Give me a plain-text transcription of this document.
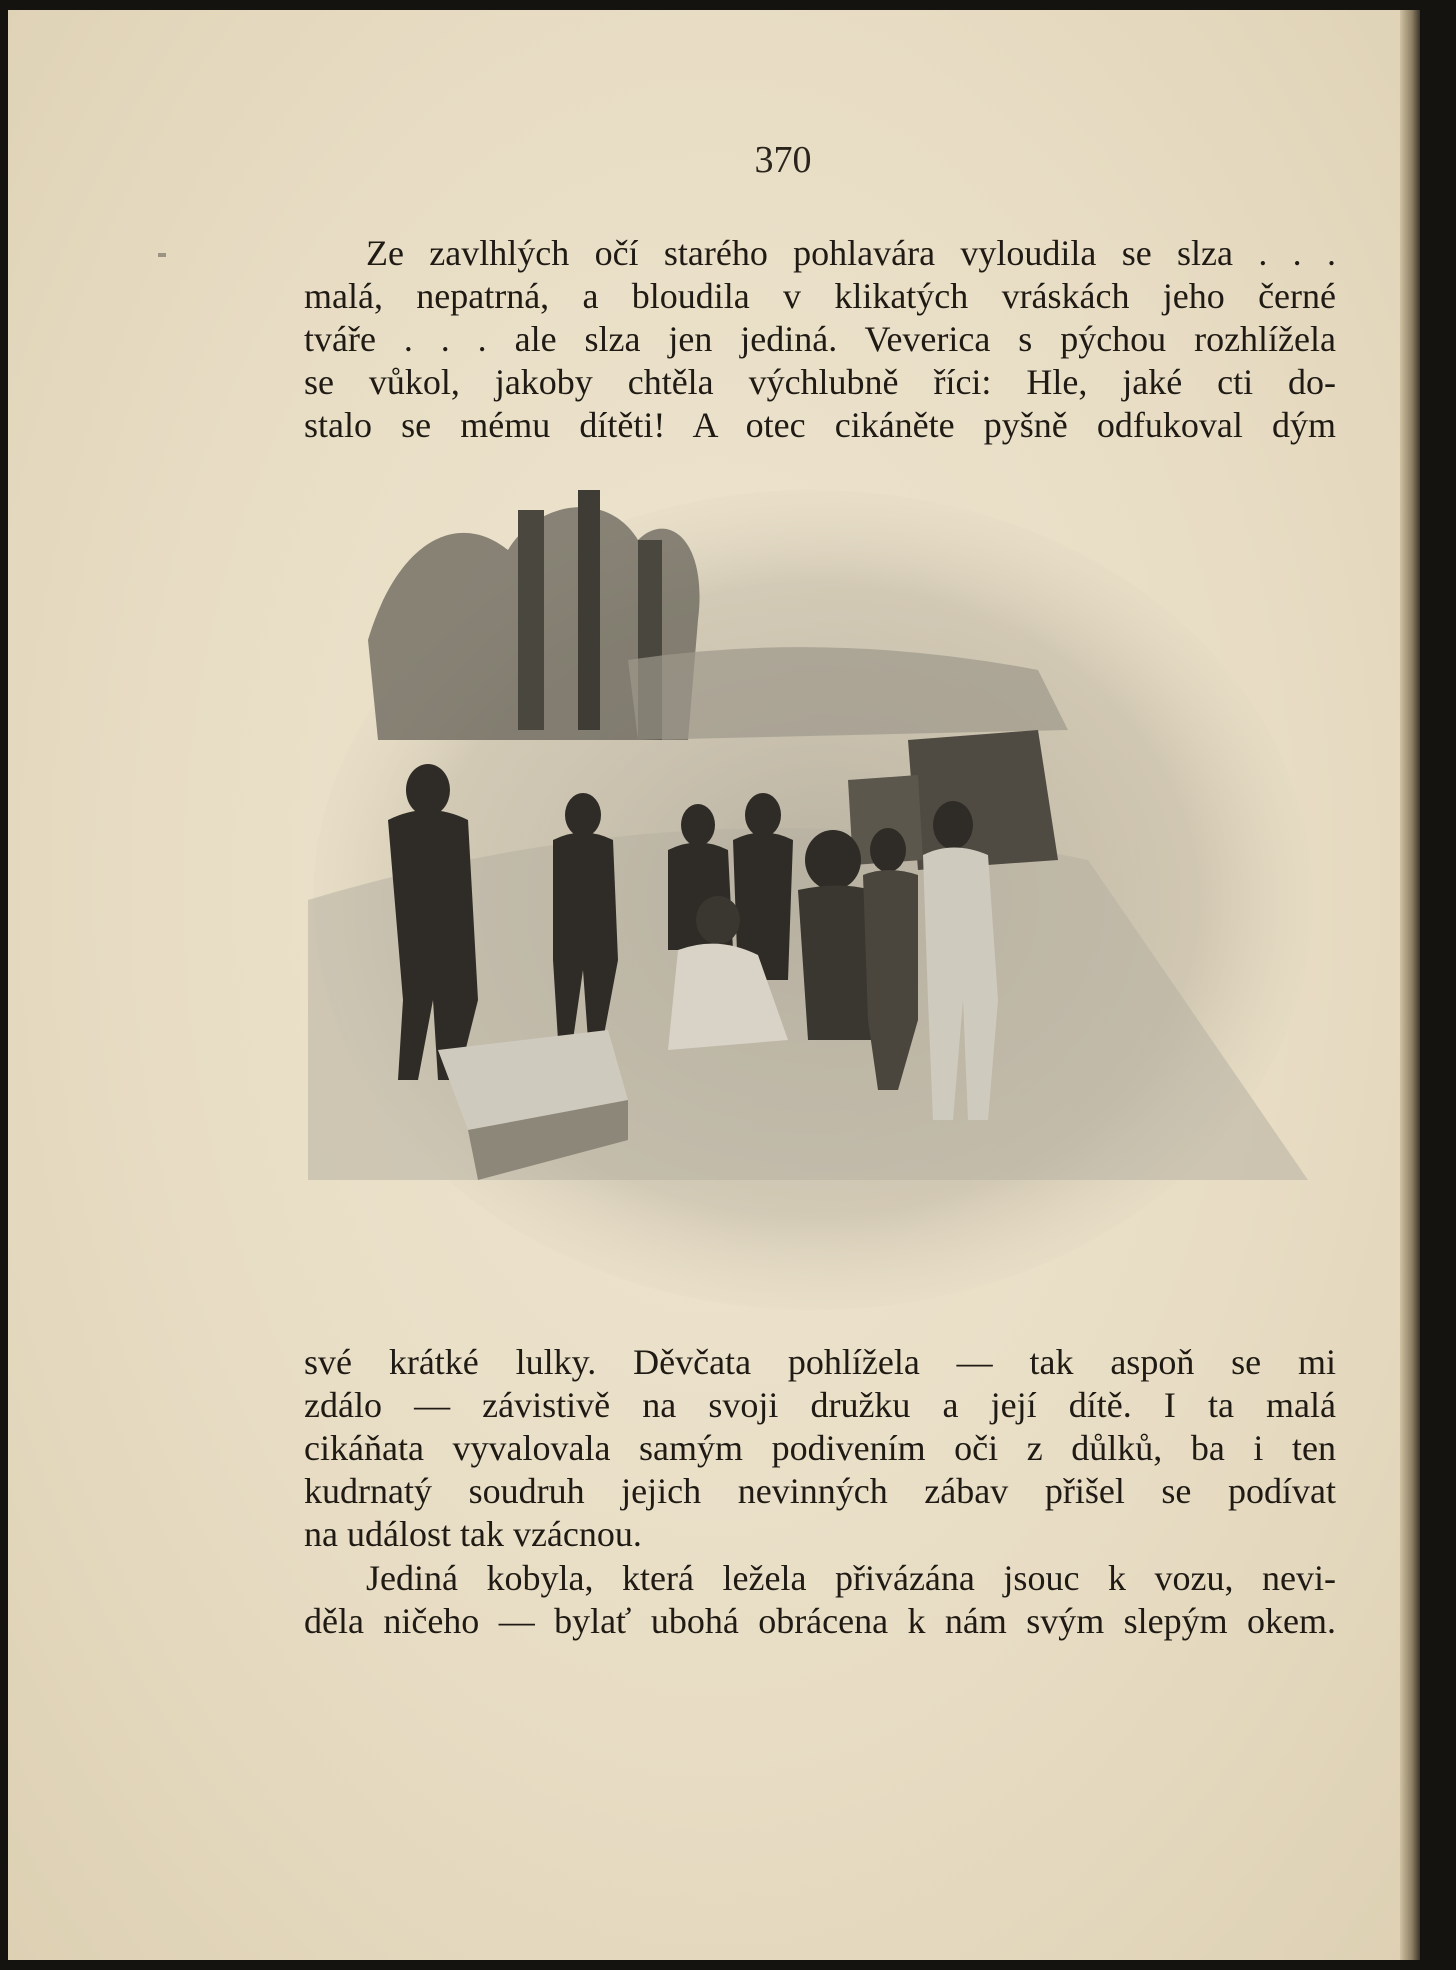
370

Ze zavlhlých očí starého pohlavára vyloudila se slza . . .
malá, nepatrná, a bloudila v klikatých vráskách jeho černé
tváře . . . ale slza jen jediná. Veverica s pýchou rozhlížela
se vůkol, jakoby chtěla výchlubně říci: Hle, jaké cti do-
stalo se mému dítěti! A otec cikáněte pyšně odfukoval dým

své krátké lulky. Děvčata pohlížela — tak aspoň se mi
zdálo — závistivě na svoji družku a její dítě. I ta malá
cikáňata vyvalovala samým podivením oči z důlků, ba i ten
kudrnatý soudruh jejich nevinných zábav přišel se podívat
na událost tak vzácnou.

Jediná kobyla, která ležela přivázána jsouc k vozu, nevi-
děla ničeho — bylať ubohá obrácena k nám svým slepým okem.
